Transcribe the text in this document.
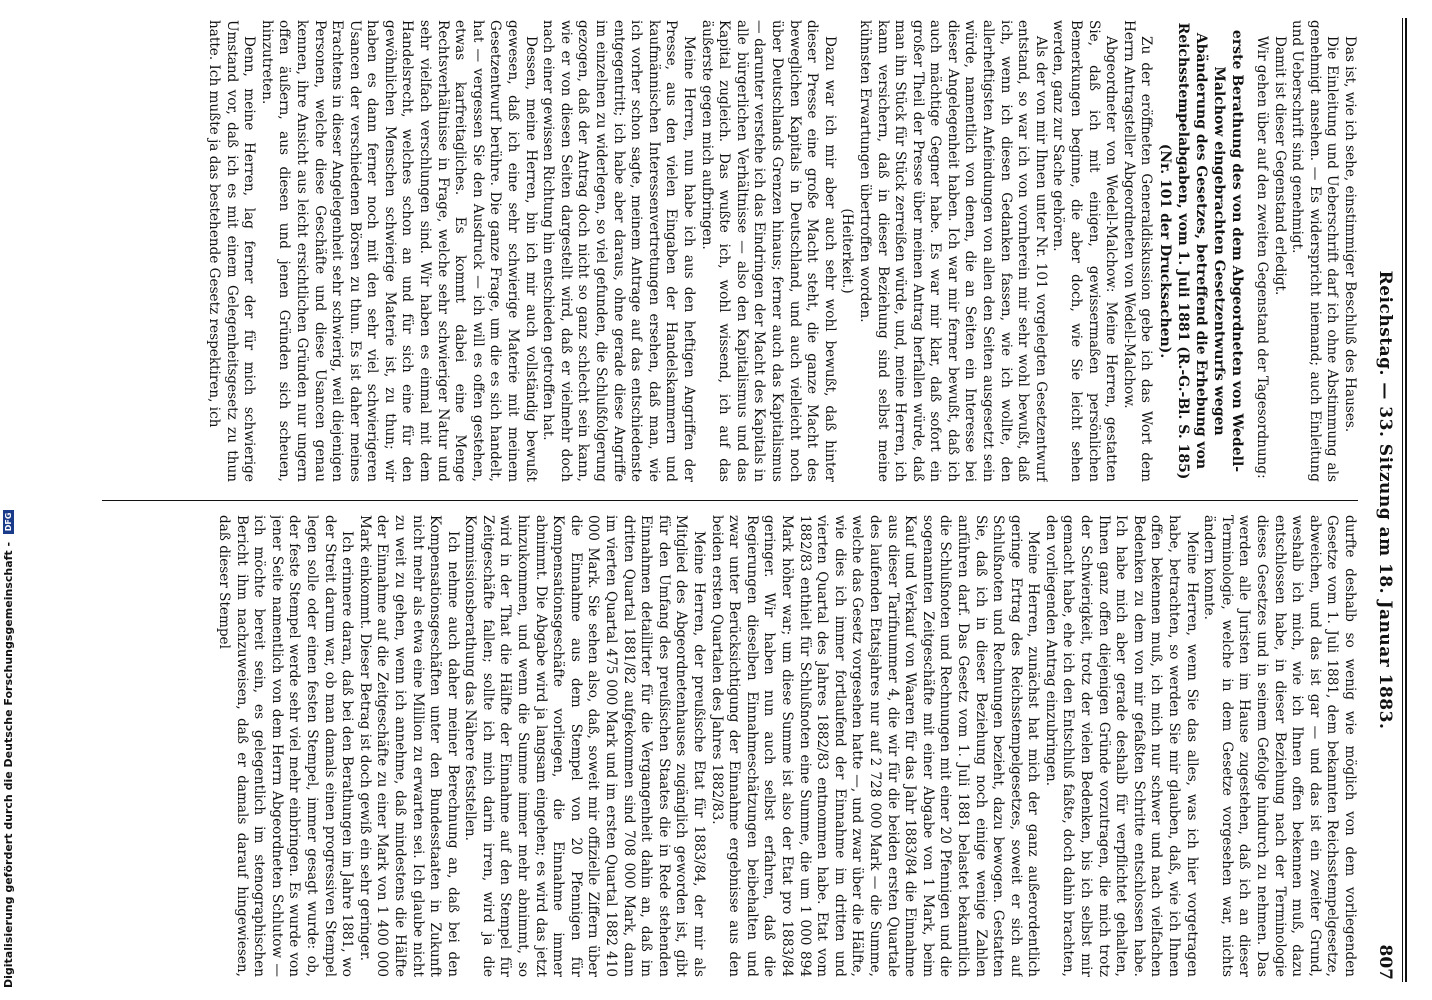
Reichstag. — 33. Sitzung am 18. Januar 1883.
807

Das ist, wie ich sehe, einstimmiger Beschluß des Hauses.

Die Einleitung und Ueberschrift darf ich ohne Abstimmung als genehmigt ansehen. — Es widerspricht niemand; auch Einleitung und Ueberschrift sind genehmigt.

Damit ist dieser Gegenstand erledigt.

Wir gehen über auf den zweiten Gegenstand der Tagesordnung:

erste Berathung des von dem Abgeordneten von Wedell-Malchow eingebrachten Gesetzentwurfs wegen Abänderung des Gesetzes, betreffend die Erhebung von Reichsstempelabgaben, vom 1. Juli 1881 (R.-G.-Bl. S. 185) (Nr. 101 der Drucksachen).

Zu der eröffneten Generaldiskussion gebe ich das Wort dem Herrn Antragsteller Abgeordneten von Wedell-Malchow.

Abgeordneter von Wedell-Malchow: Meine Herren, gestatten Sie, daß ich mit einigen, gewissermaßen persönlichen Bemerkungen beginne, die aber doch, wie Sie leicht sehen werden, ganz zur Sache gehören.

Als der von mir Ihnen unter Nr. 101 vorgelegten Gesetzentwurf entstand, so war ich von vornherein mir sehr wohl bewußt, daß ich, wenn ich diesen Gedanken fassen, wie ich wollte, den allerheftigsten Anfeindungen von allen den Seiten ausgesetzt sein würde, namentlich von denen, die an Seiten ein Interesse bei dieser Angelegenheit haben. Ich war mir ferner bewußt, daß ich auch mächtige Gegner habe. Es war mir klar, daß sofort ein großer Theil der Presse über meinen Antrag herfallen würde, daß man ihn Stück für Stück zerreißen würde, und, meine Herren, ich kann versichern, daß in dieser Beziehung sind selbst meine kühnsten Erwartungen übertroffen worden.

(Heiterkeit.)

Dazu war ich mir aber auch sehr wohl bewußt, daß hinter dieser Presse eine große Macht steht, die ganze Macht des beweglichen Kapitals in Deutschland, und auch vielleicht noch über Deutschlands Grenzen hinaus; ferner auch das Kapitalismus — darunter verstehe ich das Eindringen der Macht des Kapitals in alle bürgerlichen Verhältnisse — also den Kapitalismus und das Kapital zugleich. Das wußte ich, wohl wissend, ich auf das äußerste gegen mich aufbringen.

Meine Herren, nun habe ich aus den heftigen Angriffen der Presse, aus den vielen Eingaben der Handelskammern und kaufmännischen Interessenvertretungen ersehen, daß man, wie ich vorher schon sagte, meinem Antrage auf das entschiedenste entgegentritt; ich habe aber daraus, ohne gerade diese Angriffe im einzelnen zu widerlegen, so viel gefunden, die Schlußfolgerung gezogen, daß der Antrag doch nicht so ganz schlecht sein kann, wie er von diesen Seiten dargestellt wird, daß er vielmehr doch nach einer gewissen Richtung hin entschieden getroffen hat.

Dessen, meine Herren, bin ich mir auch vollständig bewußt gewesen, daß ich eine sehr schwierige Materie mit meinem Gesetzentwurf berühre. Die ganze Frage, um die es sich handelt, hat — vergessen Sie den Ausdruck — ich will es offen gestehen, etwas karfreitagliches. Es kommt dabei eine Menge Rechtsverhältnisse in Frage, welche sehr schwieriger Natur und sehr vielfach verschlungen sind. Wir haben es einmal mit dem Handelsrecht, welches schon an und für sich eine für den gewöhnlichen Menschen schwierige Materie ist, zu thun; wir haben es dann ferner noch mit den sehr viel schwierigeren Usancen der verschiedenen Börsen zu thun. Es ist daher meines Erachtens in dieser Angelegenheit sehr schwierig, weil diejenigen Personen, welche diese Geschäfte und diese Usancen genau kennen, ihre Ansicht aus leicht ersichtlichen Gründen nur ungern offen äußern, aus diesen und jenen Gründen sich scheuen, hinzutreten.

Denn, meine Herren, lag ferner der für mich schwierige Umstand vor, daß ich es mit einem Gelegenheitsgesetz zu thun hatte. Ich mußte ja das bestehende Gesetz respektiren, ich

durfte deshalb so wenig wie möglich von dem vorliegenden Gesetze vom 1. Juli 1881, dem bekannten Reichsstempelgesetze, abweichen, und das ist gar — und das ist ein zweiter Grund, weshalb ich mich, wie ich Ihnen offen bekennen muß, dazu entschlossen habe, in dieser Beziehung nach der Terminologie dieses Gesetzes und in seinem Gefolge hindurch zu nehmen. Das werden alle Juristen im Hause zugestehen, daß ich an dieser Terminologie, welche in dem Gesetze vorgesehen war, nichts ändern konnte.

Meine Herren, wenn Sie das alles, was ich hier vorgetragen habe, betrachten, so werden Sie mir glauben, daß, wie ich Ihnen offen bekennen muß, ich mich nur schwer und nach vielfachen Bedenken zu dem von mir gefaßten Schritte entschlossen habe. Ich habe mich aber gerade deshalb für verpflichtet gehalten, Ihnen ganz offen diejenigen Gründe vorzutragen, die mich trotz der Schwierigkeit, trotz der vielen Bedenken, bis ich selbst mir gemacht habe, ehe ich den Entschluß faßte, doch dahin brachten, den vorliegenden Antrag einzubringen.

Meine Herren, zunächst hat mich der ganz außerordentlich geringe Ertrag des Reichsstempelgesetzes, soweit er sich auf Schlußnoten und Rechnungen bezieht, dazu bewogen. Gestatten Sie, daß ich in dieser Beziehung noch einige wenige Zahlen anführen darf. Das Gesetz vom 1. Juli 1881 belastet bekanntlich die Schlußnoten und Rechnungen mit einer 20 Pfennigen und die sogenannten Zeitgeschäfte mit einer Abgabe von 1 Mark, beim Kauf und Verkauf von Waaren für das Jahr 1883/84 die Einnahme aus dieser Tarifnummer 4, die wir für die beiden ersten Quartale des laufenden Etatsjahres nur auf 2 728 000 Mark — die Summe, welche das Gesetz vorgesehen hatte —, und zwar über die Hälfte, wie dies ich immer fortlaufend der Einnahme im dritten und vierten Quartal des Jahres 1882/83 entnommen habe. Etat vom 1882/83 enthielt für Schlußnoten eine Summe, die um 1 000 894 Mark höher war; um diese Summe ist also der Etat pro 1883/84 geringer. Wir haben nun auch selbst erfahren, daß die Regierungen dieselben Einnahmeschätzungen beibehalten und zwar unter Berücksichtigung der Einnahme ergebnisse aus den beiden ersten Quartalen des Jahres 1882/83.

Meine Herren, der preußische Etat für 1883/84, der mir als Mitglied des Abgeordnetenhauses zugänglich geworden ist, gibt für den Umfang des preußischen Staates die in Rede stehenden Einnahmen detaillirter für die Vergangenheit dahin an, daß im dritten Quartal 1881/82 aufgekommen sind 708 000 Mark, dann im vierten Quartal 475 000 Mark und im ersten Quartal 1882 410 000 Mark. Sie sehen also, daß, soweit mir offizielle Ziffern über die Einnahme aus dem Stempel von 20 Pfennigen für Kompensationsgeschäfte vorliegen, die Einnahme immer abnimmt. Die Abgabe wird ja langsam eingehen; es wird das jetzt hinzukommen, und wenn die Summe immer mehr abnimmt, so wird in der That die Hälfte der Einnahme auf den Stempel für Zeitgeschäfte fallen; sollte ich mich darin irren, wird ja die Kommissionsberathung das Nähere feststellen.

Ich nehme auch daher meiner Berechnung an, daß bei den Kompensationsgeschäften unter den Bundesstaaten in Zukunft nicht mehr als etwa eine Million zu erwarten sei. Ich glaube nicht zu weit zu gehen, wenn ich annehme, daß mindestens die Hälfte der Einnahme auf die Zeitgeschäfte zu einer Mark von 1 400 000 Mark einkommt. Dieser Betrag ist doch gewiß ein sehr geringer.

Ich erinnere daran, daß bei den Berathungen im Jahre 1881, wo der Streit darum war, ob man damals einen progressiven Stempel legen solle oder einen festen Stempel, immer gesagt wurde: ob, der feste Stempel werde sehr viel mehr einbringen. Es wurde von jener Seite namentlich von dem Herrn Abgeordneten Schlutow — ich möchte bereit sein, es gelegentlich im stenographischen Bericht ihm nachzuweisen, daß er damals darauf hingewiesen, daß dieser Stempel

Digitalisierung gefördert durch die Deutsche Forschungsgemeinschaft -
DFG
